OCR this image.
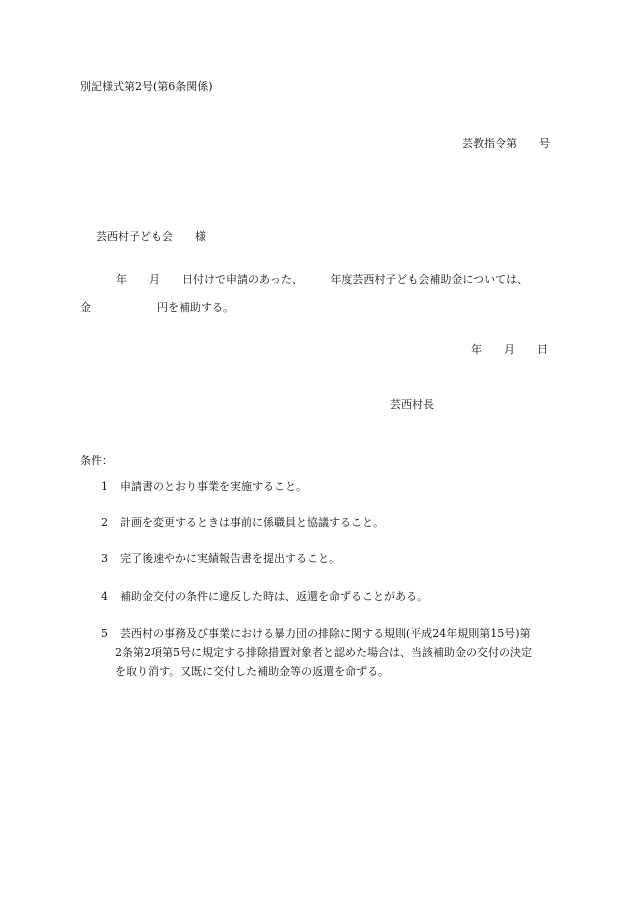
別記様式第2号(第6条関係)
芸教指令第　　号
芸西村子ども会　　様
年　　月　　日付けで申請のあった、　　　年度芸西村子ども会補助金については、
金　　　　　　円を補助する。
年　　月　　日
芸西村長
条件：
1 申請書のとおり事業を実施すること。
2 計画を変更するときは事前に係職員と協議すること。
3 完了後速やかに実績報告書を提出すること。
4 補助金交付の条件に違反した時は、返還を命ずることがある。
5 芸西村の事務及び事業における暴力団の排除に関する規則(平成24年規則第15号)第
2条第2項第5号に規定する排除措置対象者と認めた場合は、当該補助金の交付の決定
を取り消す。又既に交付した補助金等の返還を命ずる。
